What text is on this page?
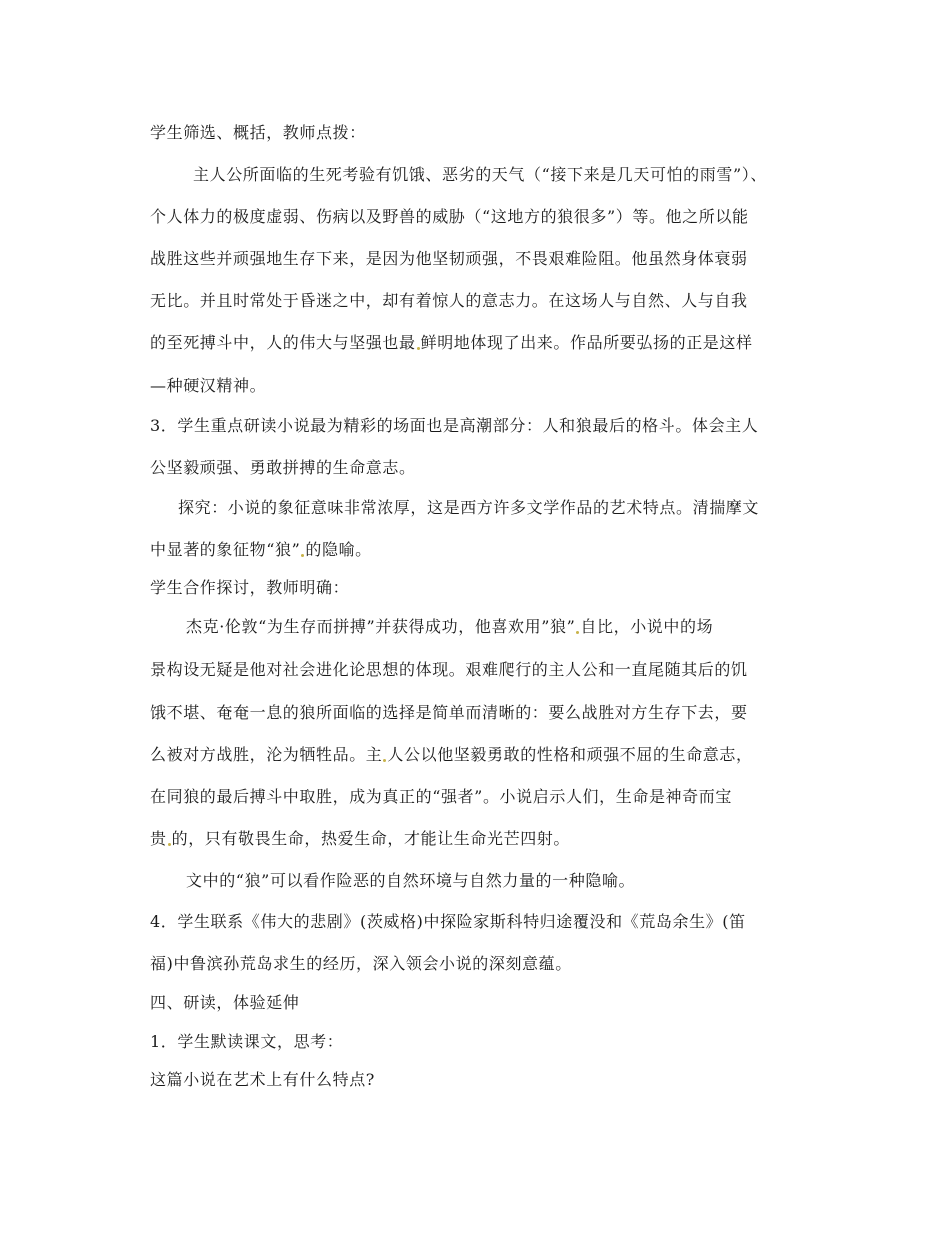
学生筛选、概括，教师点拨：
主人公所面临的生死考验有饥饿、恶劣的天气（“接下来是几天可怕的雨雪”）、
个人体力的极度虚弱、伤病以及野兽的威胁（“这地方的狼很多”）等。他之所以能
战胜这些并顽强地生存下来，是因为他坚韧顽强，不畏艰难险阻。他虽然身体衰弱
无比。并且时常处于昏迷之中，却有着惊人的意志力。在这场人与自然、人与自我
的至死搏斗中，人的伟大与坚强也最 鲜明地体现了出来。作品所要弘扬的正是这样
—种硬汉精神。
3．学生重点研读小说最为精彩的场面也是高潮部分：人和狼最后的格斗。体会主人
公坚毅顽强、勇敢拼搏的生命意志。
探究：小说的象征意味非常浓厚，这是西方许多文学作品的艺术特点。清揣摩文
中显著的象征物“狼” 的隐喻。
学生合作探讨，教师明确：
杰克·伦敦“为生存而拼搏”并获得成功，他喜欢用”狼” 自比，小说中的场
景构设无疑是他对社会进化论思想的体现。艰难爬行的主人公和一直尾随其后的饥
饿不堪、奄奄一息的狼所面临的选择是简单而清晰的：要么战胜对方生存下去，要
么被对方战胜，沦为牺牲品。主 人公以他坚毅勇敢的性格和顽强不屈的生命意志，
在同狼的最后搏斗中取胜，成为真正的“强者”。小说启示人们，生命是神奇而宝
贵 的，只有敬畏生命，热爱生命，才能让生命光芒四射。
文中的“狼”可以看作险恶的自然环境与自然力量的一种隐喻。
4．学生联系《伟大的悲剧》(茨威格)中探险家斯科特归途覆没和《荒岛余生》(笛
福)中鲁滨孙荒岛求生的经历，深入领会小说的深刻意蕴。
四、研读，体验延伸
1．学生默读课文，思考：
这篇小说在艺术上有什么特点?
